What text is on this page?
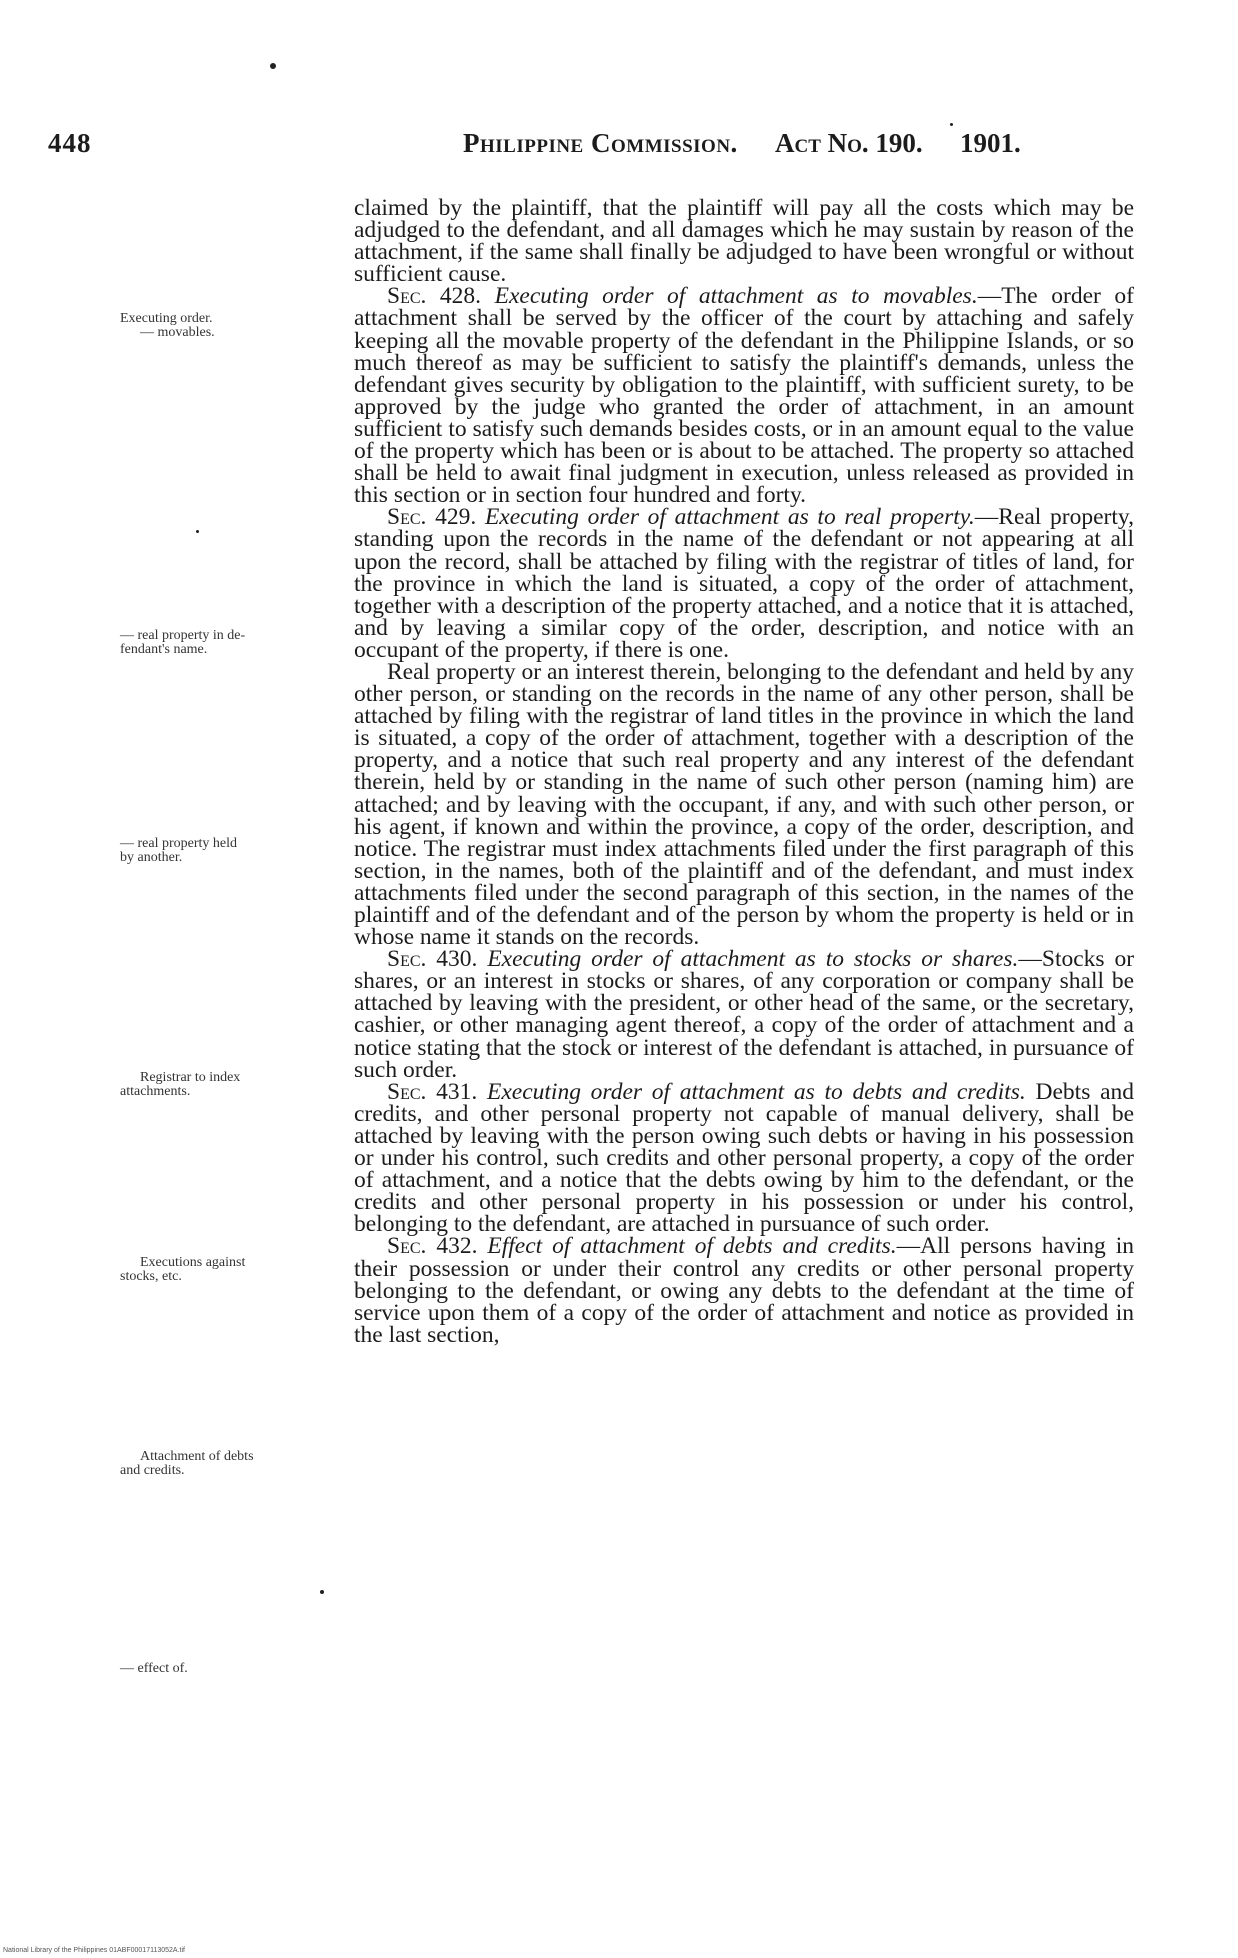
448	Philippine Commission. Act No. 190. 1901.

claimed by the plaintiff, that the plaintiff will pay all the costs which may be adjudged to the defendant, and all damages which he may sustain by reason of the attachment, if the same shall finally be adjudged to have been wrongful or without sufficient cause.

Sec. 428. Executing order of attachment as to movables.—The order of attachment shall be served by the officer of the court by attaching and safely keeping all the movable property of the defendant in the Philippine Islands, or so much thereof as may be sufficient to satisfy the plaintiff's demands, unless the defendant gives security by obligation to the plaintiff, with sufficient surety, to be approved by the judge who granted the order of attachment, in an amount sufficient to satisfy such demands besides costs, or in an amount equal to the value of the property which has been or is about to be attached. The property so attached shall be held to await final judgment in execution, unless released as provided in this section or in section four hundred and forty.

Sec. 429. Executing order of attachment as to real property.—Real property, standing upon the records in the name of the defendant or not appearing at all upon the record, shall be attached by filing with the registrar of titles of land, for the province in which the land is situated, a copy of the order of attachment, together with a description of the property attached, and a notice that it is attached, and by leaving a similar copy of the order, description, and notice with an occupant of the property, if there is one.

Real property or an interest therein, belonging to the defendant and held by any other person, or standing on the records in the name of any other person, shall be attached by filing with the registrar of land titles in the province in which the land is situated, a copy of the order of attachment, together with a description of the property, and a notice that such real property and any interest of the defendant therein, held by or standing in the name of such other person (naming him) are attached; and by leaving with the occupant, if any, and with such other person, or his agent, if known and within the province, a copy of the order, description, and notice. The registrar must index attachments filed under the first paragraph of this section, in the names, both of the plaintiff and of the defendant, and must index attachments filed under the second paragraph of this section, in the names of the plaintiff and of the defendant and of the person by whom the property is held or in whose name it stands on the records.

Sec. 430. Executing order of attachment as to stocks or shares.—Stocks or shares, or an interest in stocks or shares, of any corporation or company shall be attached by leaving with the president, or other head of the same, or the secretary, cashier, or other managing agent thereof, a copy of the order of attachment and a notice stating that the stock or interest of the defendant is attached, in pursuance of such order.

Sec. 431. Executing order of attachment as to debts and credits. Debts and credits, and other personal property not capable of manual delivery, shall be attached by leaving with the person owing such debts or having in his possession or under his control, such credits and other personal property, a copy of the order of attachment, and a notice that the debts owing by him to the defendant, or the credits and other personal property in his possession or under his control, belonging to the defendant, are attached in pursuance of such order.

Sec. 432. Effect of attachment of debts and credits.—All persons having in their possession or under their control any credits or other personal property belonging to the defendant, or owing any debts to the defendant at the time of service upon them of a copy of the order of attachment and notice as provided in the last section,

Executing order.
— movables.
— real property in de-
fendant's name.
— real property held
by another.
Registrar to index
attachments.
Executions against
stocks, etc.
Attachment of debts
and credits.
— effect of.
National Library of the Philippines 01ABF00017113052A.tif
